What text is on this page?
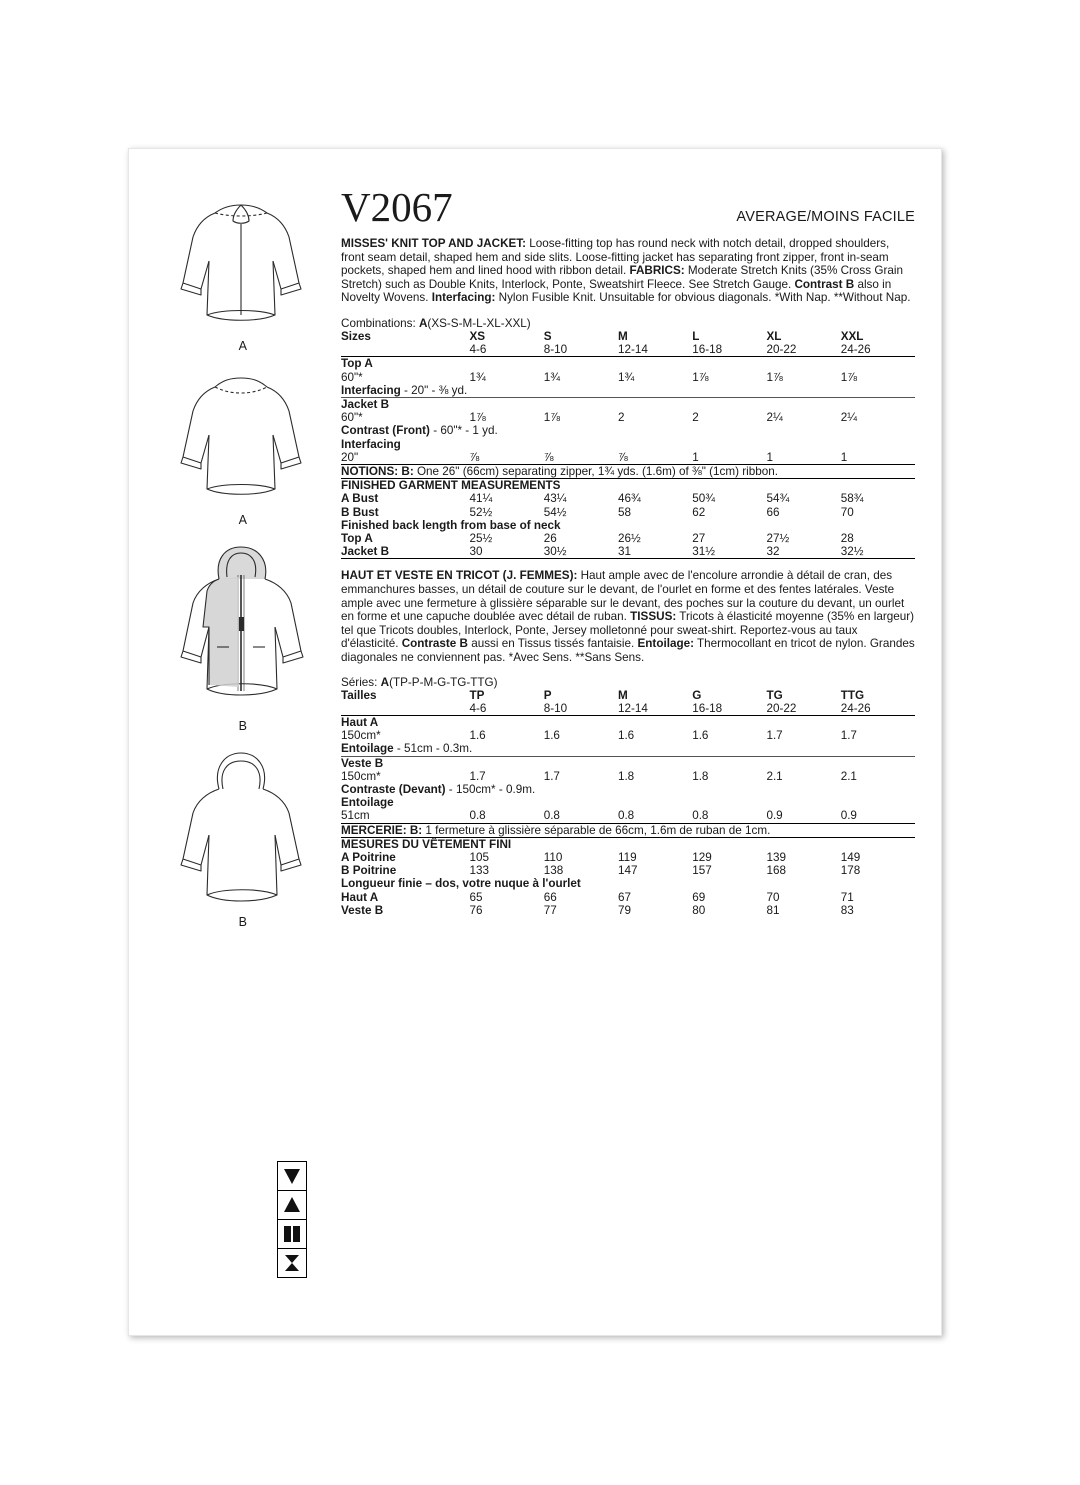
A
A
B
B
V2067	AVERAGE/MOINS FACILE
MISSES' KNIT TOP AND JACKET: Loose-fitting top has round neck with notch detail, dropped shoulders, front seam detail, shaped hem and side slits. Loose-fitting jacket has separating front zipper, front in-seam pockets, shaped hem and lined hood with ribbon detail. FABRICS: Moderate Stretch Knits (35% Cross Grain Stretch) such as Double Knits, Interlock, Ponte, Sweatshirt Fleece. See Stretch Gauge. Contrast B also in Novelty Wovens. Interfacing: Nylon Fusible Knit. Unsuitable for obvious diagonals. *With Nap. **Without Nap.
Combinations: A(XS-S-M-L-XL-XXL)
Sizes	XS	S	M	L	XL	XXL
	4-6	8-10	12-14	16-18	20-22	24-26

Top A						
60"*	1¾	1¾	1¾	1⅞	1⅞	1⅞
Interfacing - 20" - ⅜ yd.						

Jacket B						
60"*	1⅞	1⅞	2	2	2¼	2¼
Contrast (Front) - 60"* - 1 yd.						
Interfacing						
20"	⅞	⅞	⅞	1	1	1

NOTIONS: B: One 26" (66cm) separating zipper, 1¾ yds. (1.6m) of ⅜" (1cm) ribbon.						

FINISHED GARMENT MEASUREMENTS						
A Bust	41¼	43¼	46¾	50¾	54¾	58¾
B Bust	52½	54½	58	62	66	70
Finished back length from base of neck						
Top A	25½	26	26½	27	27½	28
Jacket B	30	30½	31	31½	32	32½

HAUT ET VESTE EN TRICOT (J. FEMMES): Haut ample avec de l'encolure arrondie à détail de cran, des emmanchures basses, un détail de couture sur le devant, de l'ourlet en forme et des fentes latérales. Veste ample avec une fermeture à glissière séparable sur le devant, des poches sur la couture du devant, un ourlet en forme et une capuche doublée avec détail de ruban. TISSUS: Tricots à élasticité moyenne (35% en largeur) tel que Tricots doubles, Interlock, Ponte, Jersey molletonné pour sweat-shirt. Reportez-vous au taux d'élasticité. Contraste B aussi en Tissus tissés fantaisie. Entoilage: Thermocollant en tricot de nylon. Grandes diagonales ne conviennent pas. *Avec Sens. **Sans Sens.
Séries: A(TP-P-M-G-TG-TTG)
Tailles	TP	P	M	G	TG	TTG
	4-6	8-10	12-14	16-18	20-22	24-26

Haut A						
150cm*	1.6	1.6	1.6	1.6	1.7	1.7
Entoilage - 51cm - 0.3m.						

Veste B						
150cm*	1.7	1.7	1.8	1.8	2.1	2.1
Contraste (Devant) - 150cm* - 0.9m.						
Entoilage						
51cm	0.8	0.8	0.8	0.8	0.9	0.9

MERCERIE: B: 1 fermeture à glissière séparable de 66cm, 1.6m de ruban de 1cm.						

MESURES DU VÊTEMENT FINI						
A Poitrine	105	110	119	129	139	149
B Poitrine	133	138	147	157	168	178
Longueur finie – dos, votre nuque à l'ourlet						
Haut A	65	66	67	69	70	71
Veste B	76	77	79	80	81	83
